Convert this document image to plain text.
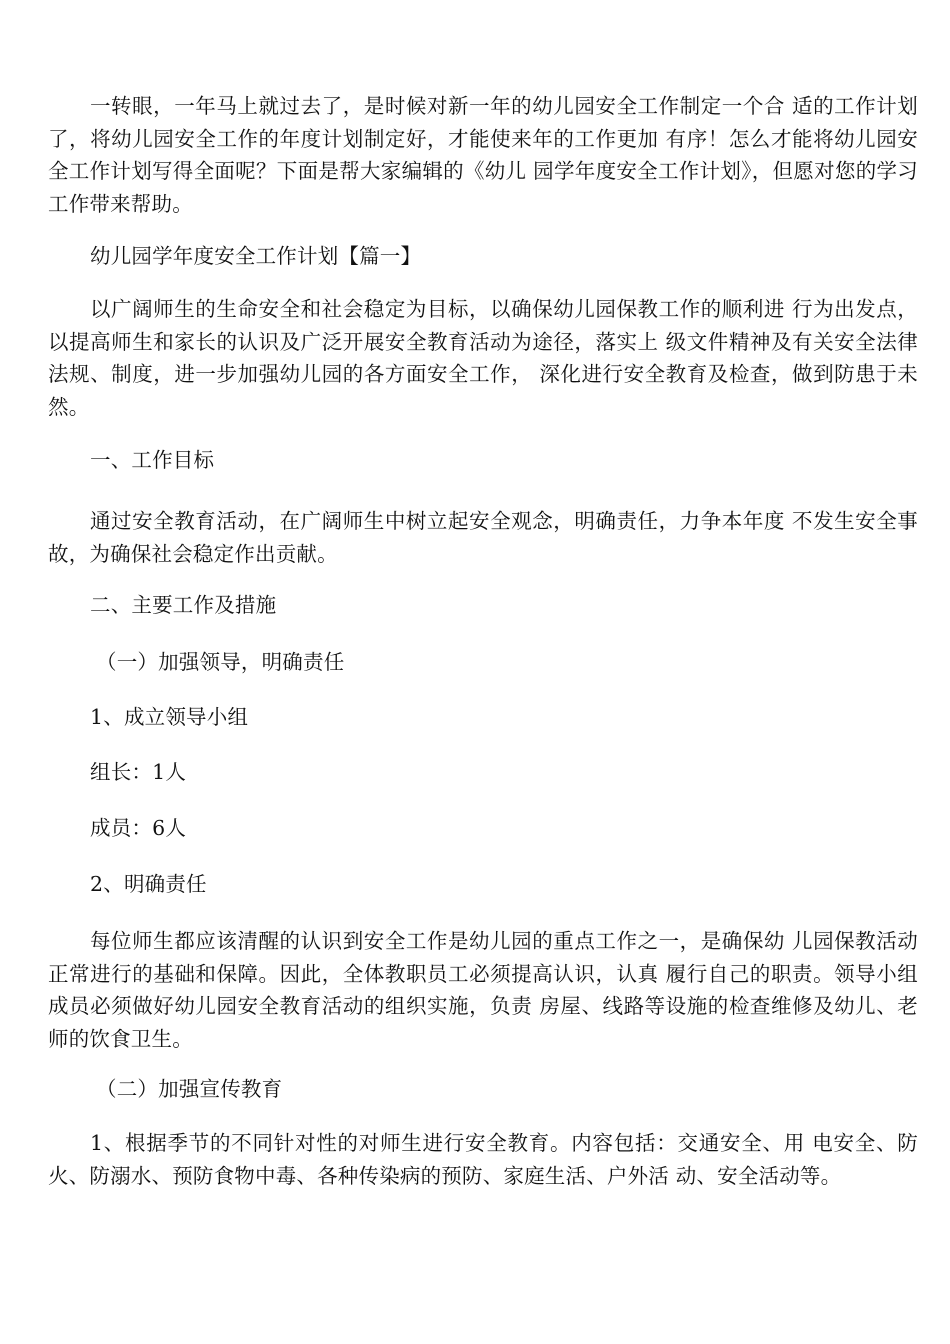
一转眼，一年马上就过去了，是时候对新一年的幼儿园安全工作制定一个合 适的工作计划了，将幼儿园安全工作的年度计划制定好，才能使来年的工作更加 有序！怎么才能将幼儿园安全工作计划写得全面呢？下面是帮大家编辑的《幼儿 园学年度安全工作计划》，但愿对您的学习工作带来帮助。

幼儿园学年度安全工作计划【篇一】

以广阔师生的生命安全和社会稳定为目标，以确保幼儿园保教工作的顺利进 行为出发点，以提高师生和家长的认识及广泛开展安全教育活动为途径，落实上 级文件精神及有关安全法律法规、制度，进一步加强幼儿园的各方面安全工作， 深化进行安全教育及检查，做到防患于未然。

一、工作目标

通过安全教育活动，在广阔师生中树立起安全观念，明确责任，力争本年度 不发生安全事故，为确保社会稳定作出贡献。

二、主要工作及措施

（一）加强领导，明确责任

1、成立领导小组

组长：1人

成员：6人

2、明确责任

每位师生都应该清醒的认识到安全工作是幼儿园的重点工作之一，是确保幼 儿园保教活动正常进行的基础和保障。因此，全体教职员工必须提高认识，认真 履行自己的职责。领导小组成员必须做好幼儿园安全教育活动的组织实施，负责 房屋、线路等设施的检查维修及幼儿、老师的饮食卫生。

（二）加强宣传教育

1、根据季节的不同针对性的对师生进行安全教育。内容包括：交通安全、用 电安全、防火、防溺水、预防食物中毒、各种传染病的预防、家庭生活、户外活 动、安全活动等。
